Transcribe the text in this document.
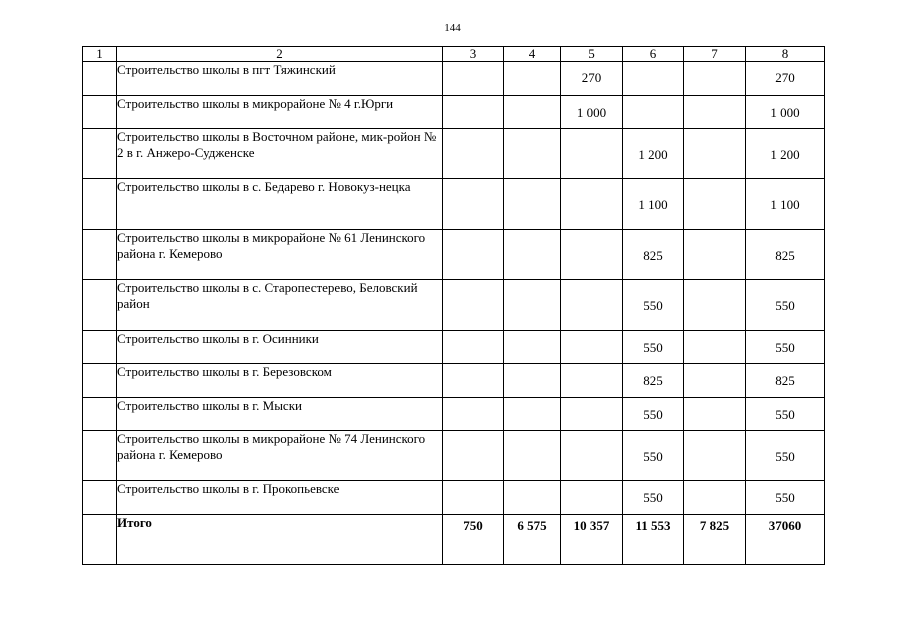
144
1	2	3	4	5	6	7	8
	Строительство школы в пгт Тяжинский			270			270

	Строительство школы в микрорайоне № 4 г.Юрги			1 000			1 000

	Строительство школы в Восточном районе, мик-ройон № 2 в г. Анжеро-Судженске				1 200		1 200

	Строительство школы в с. Бедарево г. Новокуз-нецка				1 100		1 100

	Строительство школы в микрорайоне № 61 Ленинского района г. Кемерово				825		825

	Строительство школы в с. Старопестерево, Беловский район				550		550

	Строительство школы в г. Осинники				550		550

	Строительство школы в г. Березовском				825		825

	Строительство школы в г. Мыски				550		550

	Строительство школы в микрорайоне № 74 Ленинского района г. Кемерово				550		550

	Строительство школы в г. Прокопьевске				550		550

	Итого	750	6 575	10 357	11 553	7 825	37060
